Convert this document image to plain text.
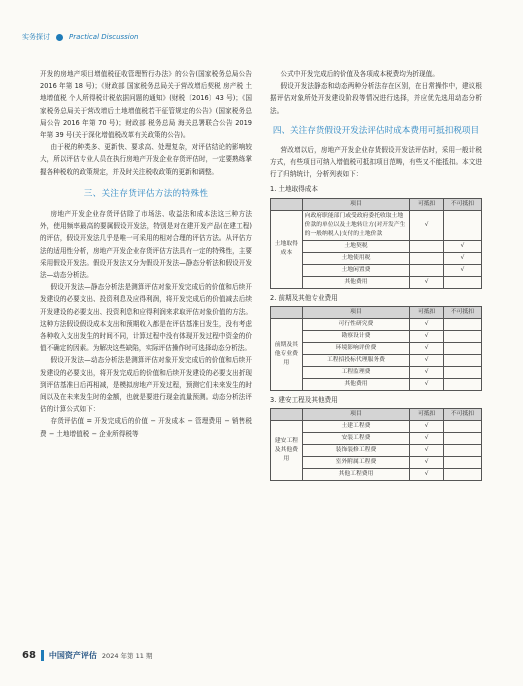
实务探讨	Practical Discussion

开发的房地产项目增值税征收管理暂行办法》的公告(国家税务总局公告 2016 年第 18 号)；《财政部 国家税务总局关于营改增后契税 房产税 土地增值税 个人所得税计税依据问题的通知》(财税〔2016〕43 号)；《国家税务总局关于营改增后土地增值税若干征管规定的公告》(国家税务总局公告 2016 年第 70 号)；财政部 税务总局 海关总署联合公告 2019 年第 39 号(关于深化增值税改革有关政策的公告)。

由于税的种类多、更新快、要求高、处理复杂，对评估结论的影响较大，所以评估专业人员在执行房地产开发企业存货评估时，一定要熟练掌握各种税收的政策规定，并及时关注税收政策的更新和调整。

三、关注存货评估方法的特殊性

房地产开发企业存货评估除了市场法、收益法和成本法这三种方法外，使用频率最高的要属假设开发法，特别是对在建开发产品(在建工程)的评估，假设开发法几乎是唯一可采用的相对合理的评估方法。从评估方法的适用性分析，房地产开发企业存货评估方法具有一定的特殊性，主要采用假设开发法。假设开发法又分为假设开发法—静态分析法和假设开发法—动态分析法。

假设开发法—静态分析法是测算评估对象开发完成后的价值和后续开发建设的必要支出、投资利息及应得利润，将开发完成后的价值减去后续开发建设的必要支出、投资利息和应得利润来求取评估对象价值的方法。这种方法假设假设成本支出和预期收入都是在评估基准日发生，没有考虑各种收入支出发生的时间不同，计算过程中没有体现开发过程中资金的价值不确定的因素。为解决这些缺陷，实际评估操作时可选择动态分析法。

假设开发法—动态分析法是测算评估对象开发完成后的价值和后续开发建设的必要支出，将开发完成后的价值和后续开发建设的必要支出折现到评估基准日后再相减，是模拟房地产开发过程，预测它们未来发生的时间以及在未来发生时的金额，也就是要进行现金流量预测。动态分析法评估的计算公式如下：

存货评估值 = 开发完成后的价值 − 开发成本 − 管理费用 − 销售税费 − 土地增值税 − 企业所得税等

公式中开发完成后的价值及各项成本税费均为折现值。

假设开发法静态和动态两种分析法存在区别，在日常操作中，建议根据评估对象所处开发建设阶段等情况进行选择，并应优先选用动态分析法。

四、关注存货假设开发法评估时成本费用可抵扣税项目

营改增以后，房地产开发企业存货假设开发法评估时，采用一般计税方式，有些项目可纳入增值税可抵扣项目范畴，有些又不能抵扣。本文进行了归纳统计，分析列表如下：

1. 土地取得成本
	项目	可抵扣	不可抵扣
土地取得成本	向政府职能部门或受政府委托收取土地价款的单位以及土地转让方(对开发产生的一般纳税人)支付的土地价款	√	
	土地契税		√
	土地使用税		√
	土地闲置费		√
	其他费用	√	
2. 前期及其他专业费用
	项目	可抵扣	不可抵扣
前期及其他专业费用	可行性研究费	√	
	勘察设计费	√	
	环境影响评价费	√	
	工程招投标代理服务费	√	
	工程监理费	√	
	其他费用	√	
3. 建安工程及其他费用
	项目	可抵扣	不可抵扣
建安工程及其他费用	土建工程费	√	
	安装工程费	√	
	装饰装修工程费	√	
	室外附属工程费	√	
	其他工程费用	√	
68 中国资产评估 2024 年第 11 期
